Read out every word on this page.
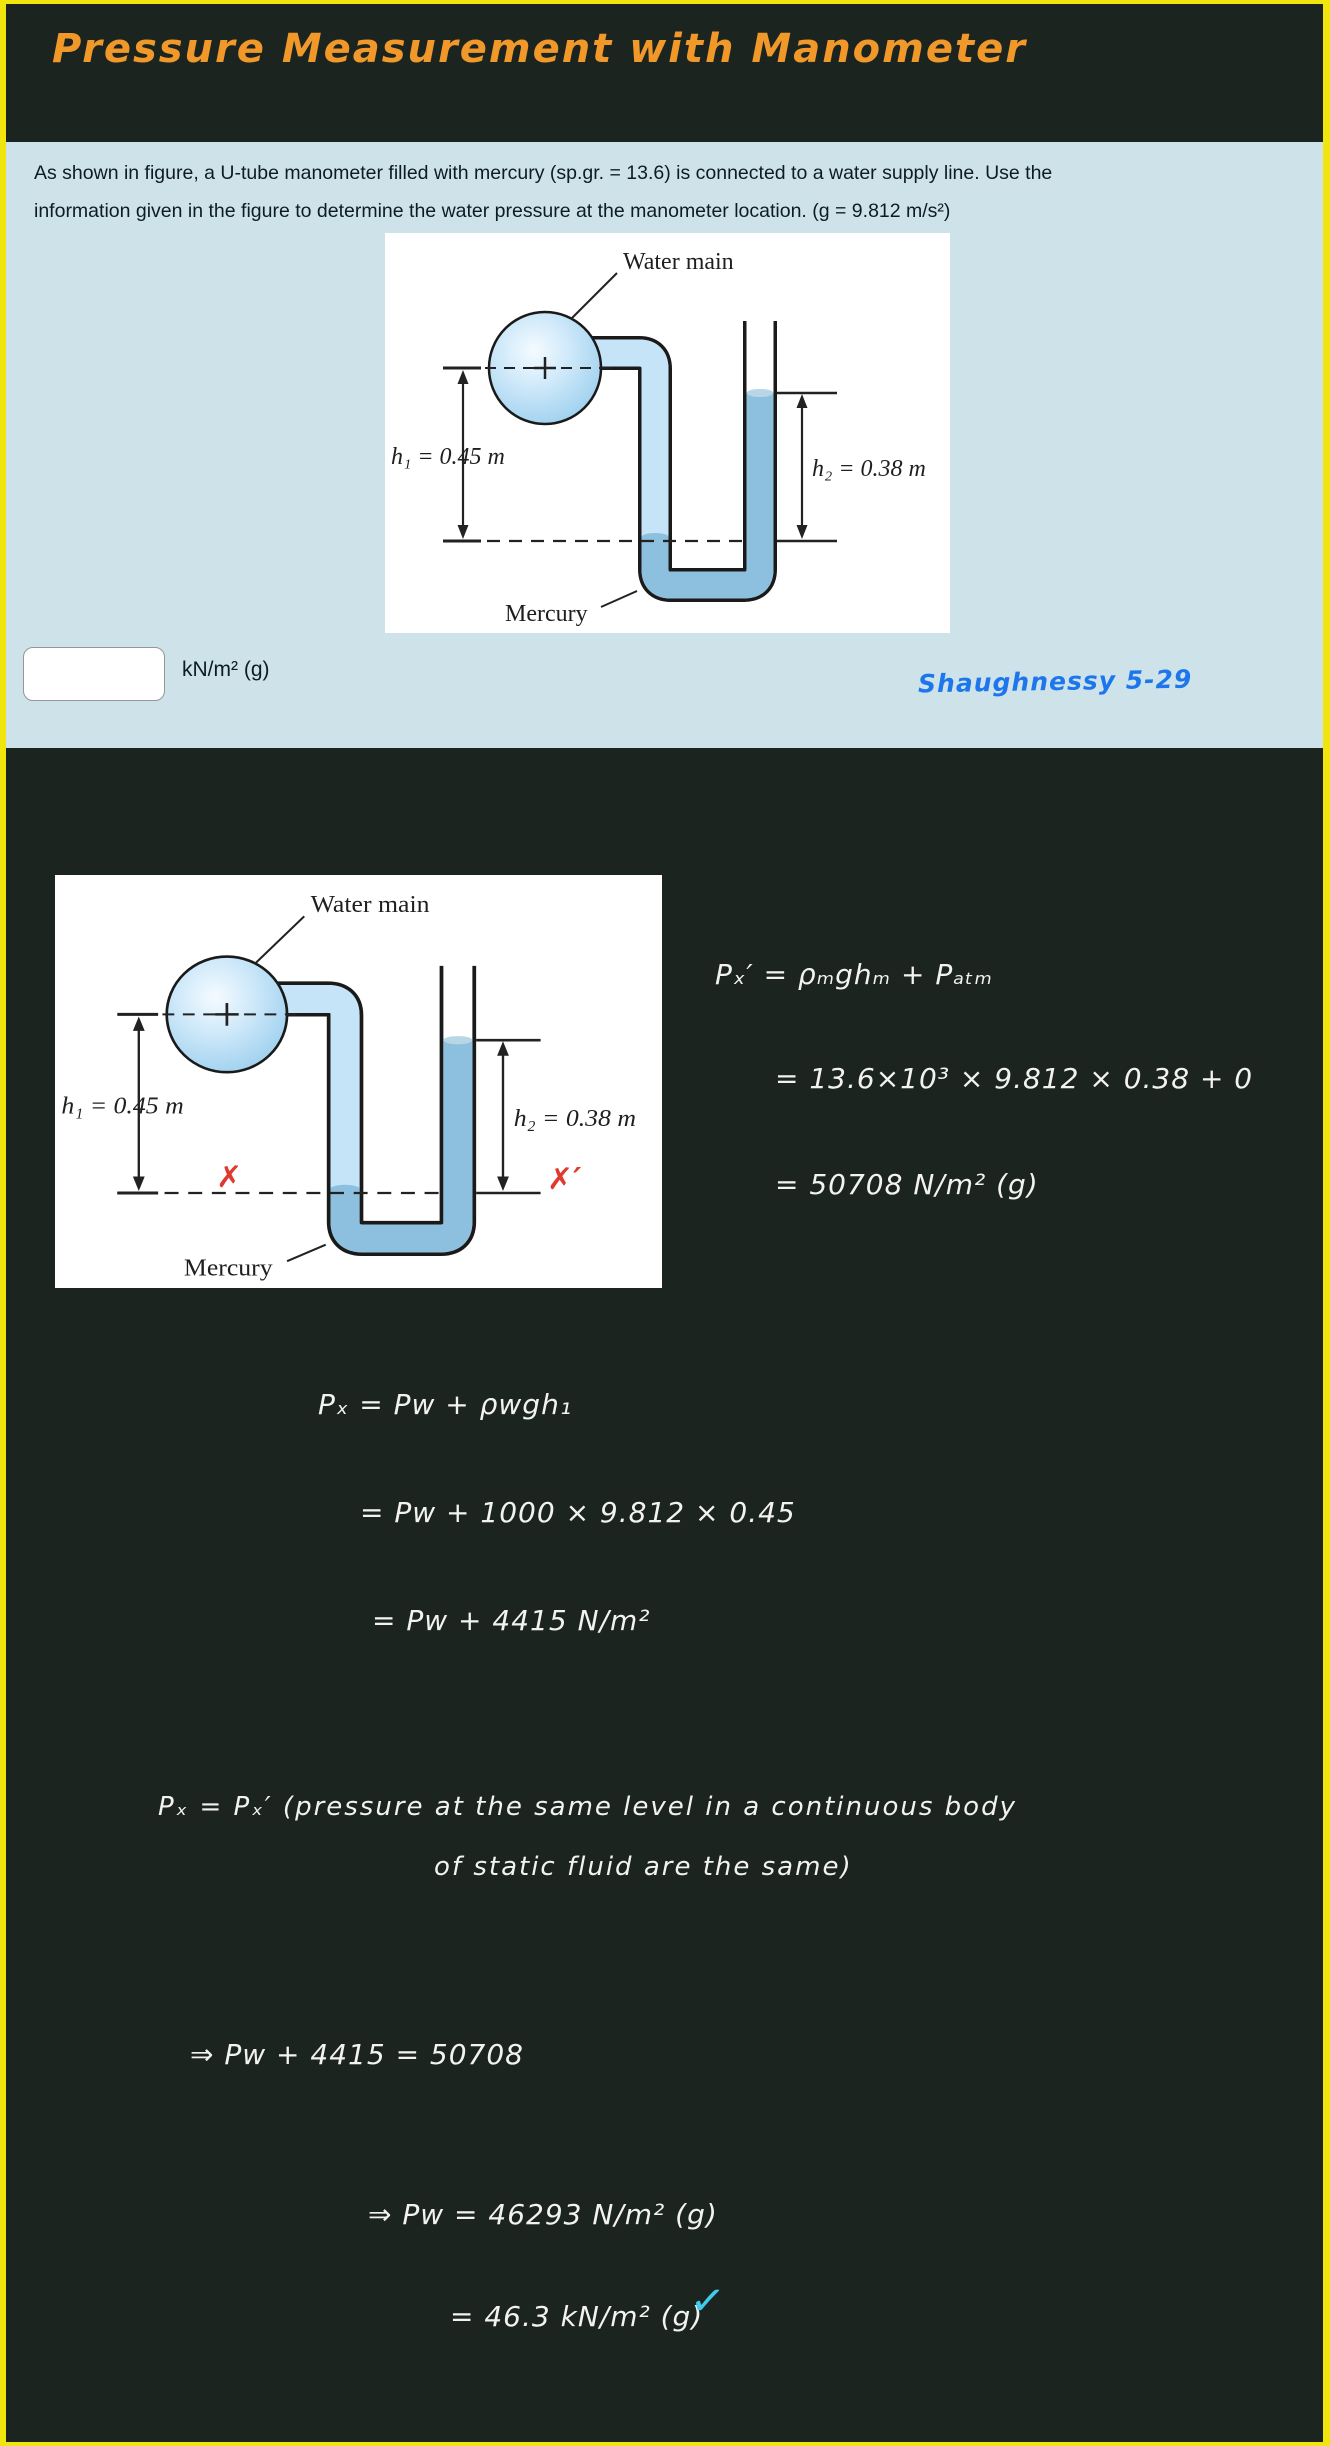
Pressure Measurement with Manometer
As shown in figure, a U-tube manometer filled with mercury (sp.gr. = 13.6) is connected to a water supply line. Use the
information given in the figure to determine the water pressure at the manometer location. (g = 9.812 m/s²)
h₁ = 0.45 m	h₂ = 0.38 m
Water main
Mercury
kN/m² (g)	Shaughnessy 5-29
h₁ = 0.45 m	h₂ = 0.38 m
Water main
Mercury
✗	✗′
Pₓ′ = ρₘghₘ + Pₐₜₘ
= 13.6×10³ × 9.812 × 0.38 + 0
= 50708 N/m² (g)
Pₓ = Pw + ρwgh₁
= Pw + 1000 × 9.812 × 0.45
= Pw + 4415 N/m²
Pₓ = Pₓ′ (pressure at the same level in a continuous body
of static fluid are the same)
⇒ Pw + 4415 = 50708
⇒ Pw = 46293 N/m² (g)
= 46.3 kN/m² (g)
✓
